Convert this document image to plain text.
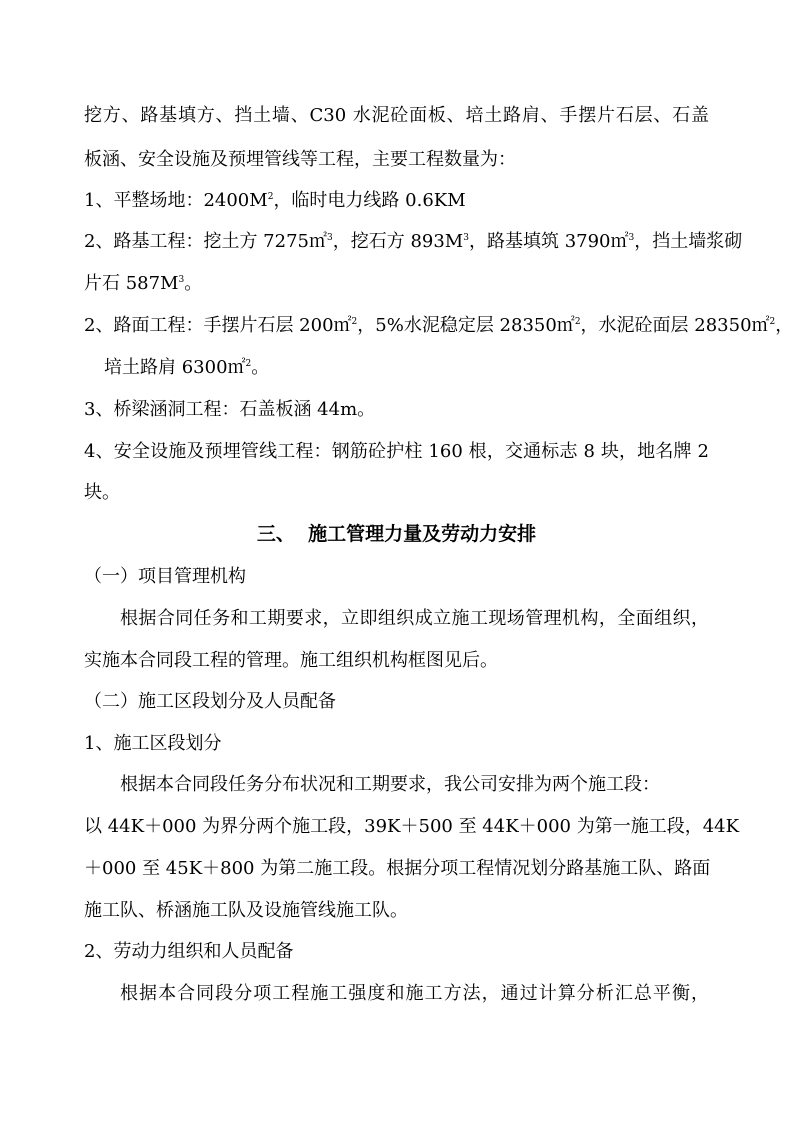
挖方、路基填方、挡土墙、C30 水泥砼面板、培土路肩、手摆片石层、石盖
板涵、安全设施及预埋管线等工程，主要工程数量为：
1、平整场地：$2400M^2$，临时电力线路 0.6KM
2、路基工程：挖土方 7275㎡$^3$，挖石方 $893M^3$，路基填筑 3790㎡$^3$，挡土墙浆砌
片石 $587M^3$。
2、路面工程：手摆片石层 200㎡$^2$，5%水泥稳定层 28350㎡$^2$，水泥砼面层 28350㎡$^2$，
培土路肩 6300㎡$^2$。
3、桥梁涵洞工程：石盖板涵 44m。
4、安全设施及预埋管线工程：钢筋砼护柱 160 根，交通标志 8 块，地名牌 2
块。
三、  施工管理力量及劳动力安排
（一）项目管理机构
根据合同任务和工期要求，立即组织成立施工现场管理机构，全面组织，
实施本合同段工程的管理。施工组织机构框图见后。
（二）施工区段划分及人员配备
1、施工区段划分
根据本合同段任务分布状况和工期要求，我公司安排为两个施工段：
以 44K＋000 为界分两个施工段，39K＋500 至 44K＋000 为第一施工段，44K
＋000 至 45K＋800 为第二施工段。根据分项工程情况划分路基施工队、路面
施工队、桥涵施工队及设施管线施工队。
2、劳动力组织和人员配备
根据本合同段分项工程施工强度和施工方法，通过计算分析汇总平衡，
